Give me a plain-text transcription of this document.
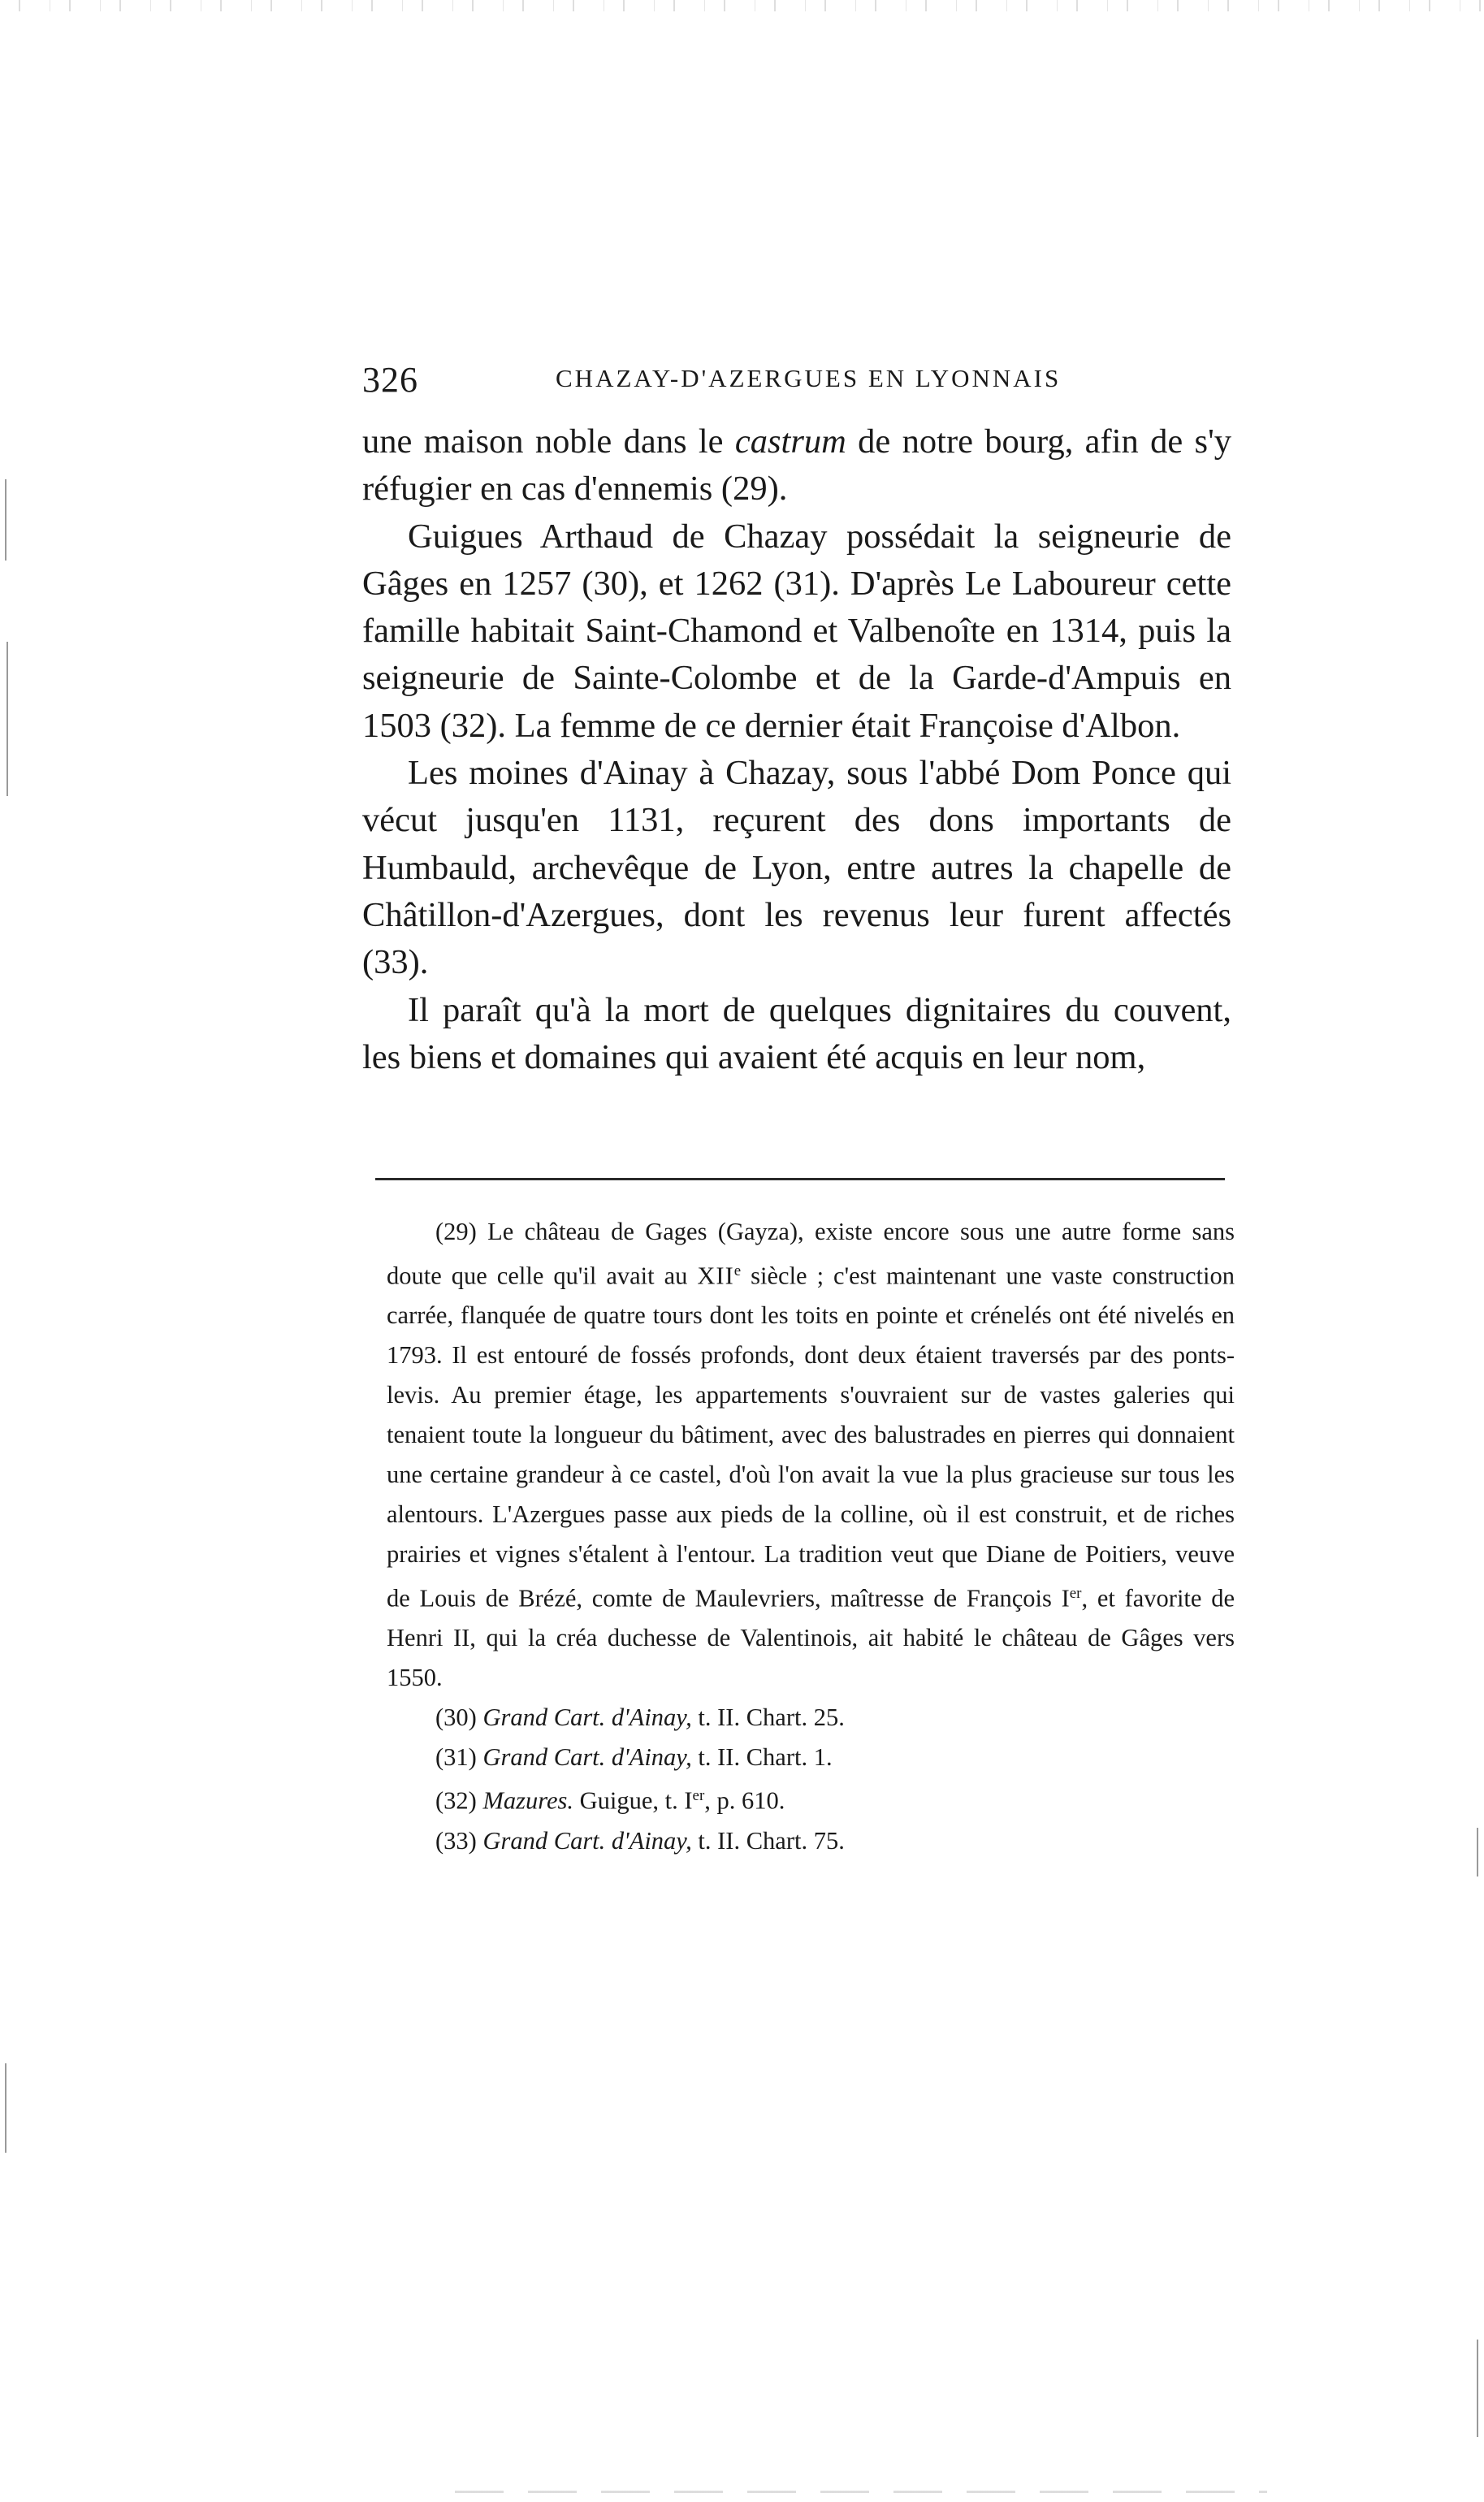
326	CHAZAY-D'AZERGUES EN LYONNAIS

une maison noble dans le castrum de notre bourg, afin de s'y réfugier en cas d'ennemis (29).

Guigues Arthaud de Chazay possédait la seigneurie de Gâges en 1257 (30), et 1262 (31). D'après Le Laboureur cette famille habitait Saint-Chamond et Valbenoîte en 1314, puis la seigneurie de Sainte-Colombe et de la Garde-d'Ampuis en 1503 (32). La femme de ce dernier était Françoise d'Albon.

Les moines d'Ainay à Chazay, sous l'abbé Dom Ponce qui vécut jusqu'en 1131, reçurent des dons importants de Humbauld, archevêque de Lyon, entre autres la chapelle de Châtillon-d'Azergues, dont les revenus leur furent affectés (33).

Il paraît qu'à la mort de quelques dignitaires du couvent, les biens et domaines qui avaient été acquis en leur nom,

(29) Le château de Gages (Gayza), existe encore sous une autre forme sans doute que celle qu'il avait au XIIe siècle ; c'est maintenant une vaste construction carrée, flanquée de quatre tours dont les toits en pointe et crénelés ont été nivelés en 1793. Il est entouré de fossés profonds, dont deux étaient traversés par des ponts-levis. Au premier étage, les appartements s'ouvraient sur de vastes galeries qui tenaient toute la longueur du bâtiment, avec des balustrades en pierres qui donnaient une certaine grandeur à ce castel, d'où l'on avait la vue la plus gracieuse sur tous les alentours. L'Azergues passe aux pieds de la colline, où il est construit, et de riches prairies et vignes s'étalent à l'entour. La tradition veut que Diane de Poitiers, veuve de Louis de Brézé, comte de Maulevriers, maîtresse de François Ier, et favorite de Henri II, qui la créa duchesse de Valentinois, ait habité le château de Gâges vers 1550.

(30) Grand Cart. d'Ainay, t. II. Chart. 25.

(31) Grand Cart. d'Ainay, t. II. Chart. 1.

(32) Mazures. Guigue, t. Ier, p. 610.

(33) Grand Cart. d'Ainay, t. II. Chart. 75.
